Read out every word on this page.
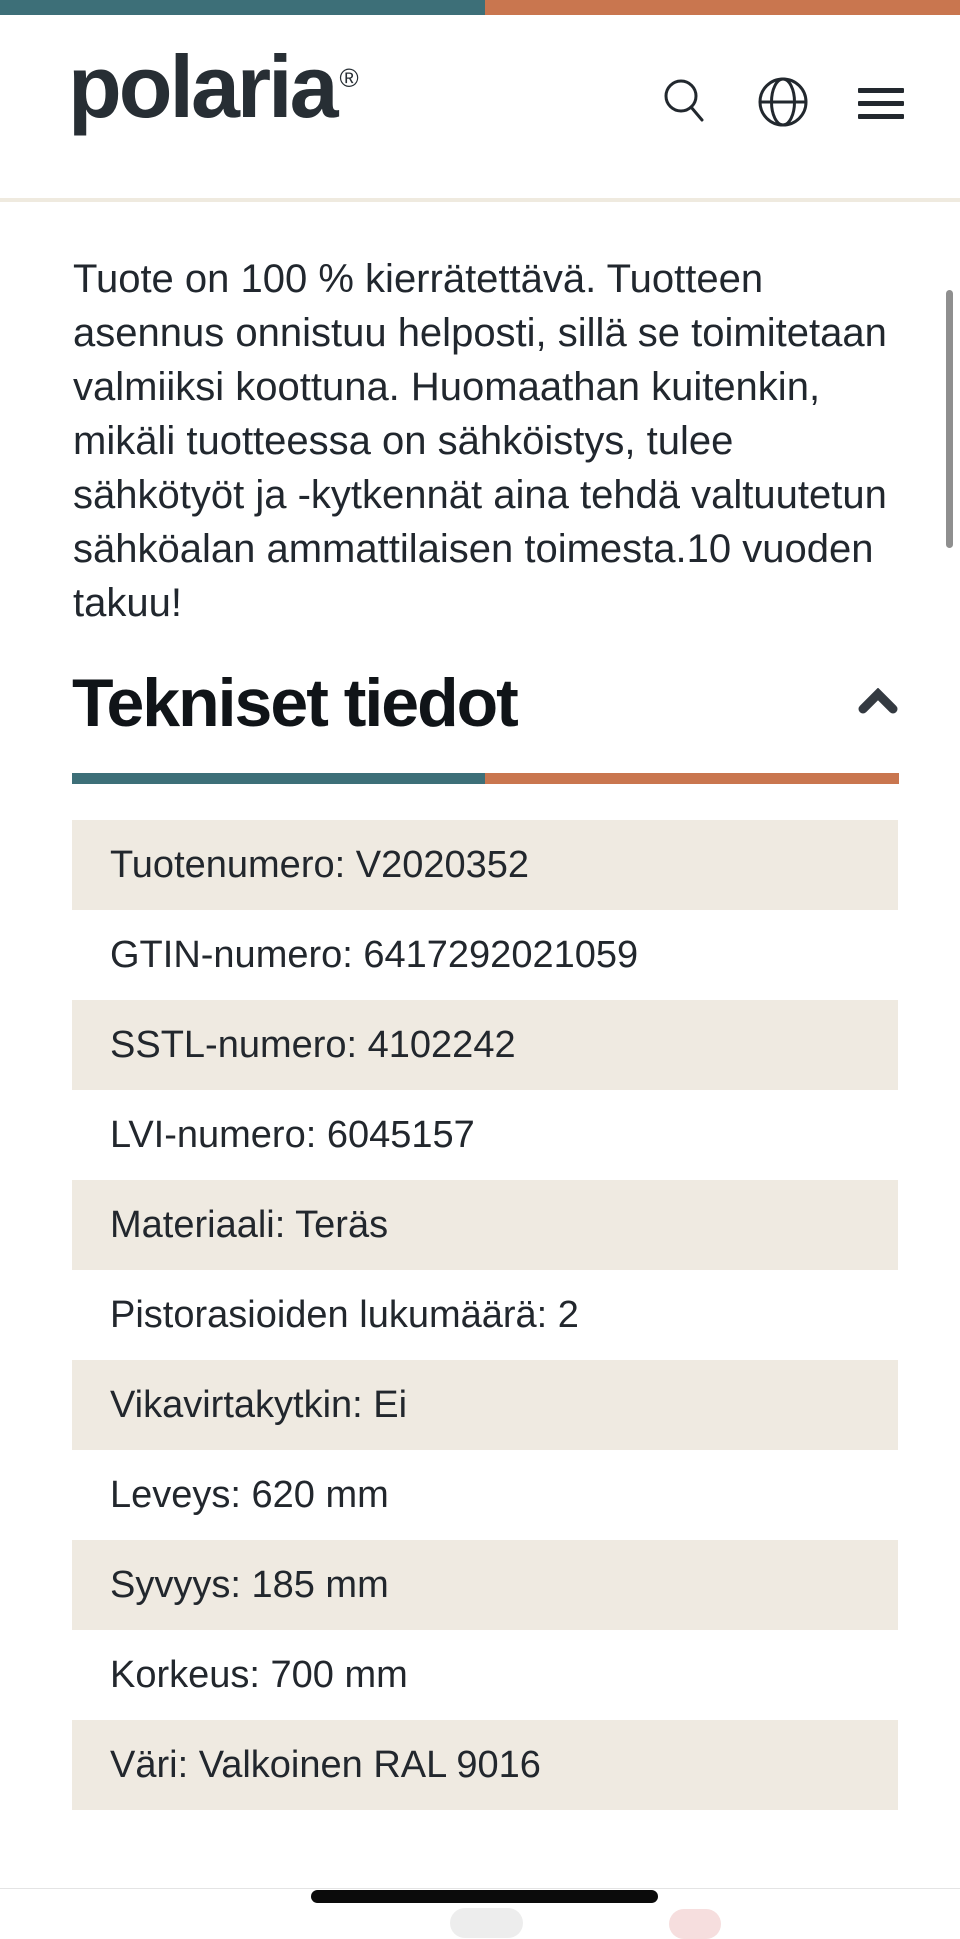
polaria ®

Tuote on 100 % kierrätettävä. Tuotteen asennus onnistuu helposti, sillä se toimitetaan valmiiksi koottuna. Huomaathan kuitenkin, mikäli tuotteessa on sähköistys, tulee sähkötyöt ja -kytkennät aina tehdä valtuutetun sähköalan ammattilaisen toimesta.10 vuoden takuu!

Tekniset tiedot
Tuotenumero: V2020352
GTIN-numero: 6417292021059
SSTL-numero: 4102242
LVI-numero: 6045157
Materiaali: Teräs
Pistorasioiden lukumäärä: 2
Vikavirtakytkin: Ei
Leveys: 620 mm
Syvyys: 185 mm
Korkeus: 700 mm
Väri: Valkoinen RAL 9016
